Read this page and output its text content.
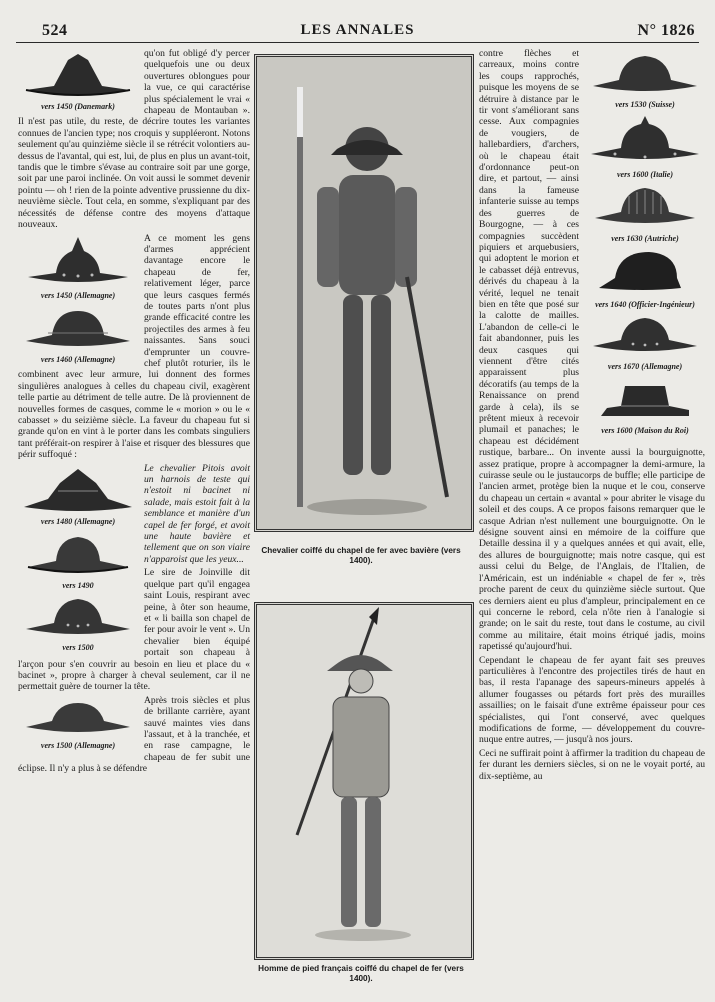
524	LES ANNALES	N° 1826
vers 1450 (Danemark)

qu'on fut obligé d'y percer quelquefois une ou deux ouvertures oblongues pour la vue, ce qui caractérise plus spécialement le vrai « chapeau de Montauban ». Il n'est pas utile, du reste, de décrire toutes les variantes connues de l'ancien type; nos croquis y suppléeront. Notons seulement qu'au quinzième siècle il se rétrécit volontiers au-dessus de l'avantal, qui est, lui, de plus en plus un avant-toit, tandis que le timbre s'évase au contraire soit par une gorge, soit par une paroi inclinée. On voit aussi le sommet devenir pointu — oh ! rien de la pointe adventive prussienne du dix-neuvième siècle. Tout cela, en somme, s'expliquant par des nécessités de défense contre des moyens d'attaque nouveaux.

vers 1450 (Allemagne)
vers 1460 (Allemagne)

A ce moment les gens d'armes apprécient davantage encore le chapeau de fer, relativement léger, parce que leurs casques fermés de toutes parts n'ont plus grande efficacité contre les projectiles des armes à feu naissantes. Sans souci d'emprunter un couvre-chef plutôt roturier, ils le combinent avec leur armure, lui donnent des formes singulières analogues à celles du chapeau civil, exagèrent telle partie au détriment de telle autre. De là proviennent de nouvelles formes de casques, comme le « morion » ou le « cabasset » du seizième siècle. La faveur du chapeau fut si grande qu'on en vint à le porter dans les combats singuliers tant préférait-on respirer à l'aise et risquer des blessures que périr suffoqué :

vers 1480 (Allemagne)
vers 1490

Le chevalier Pitois avoit un harnois de teste qui n'estoit ni bacinet ni salade, mais estoit fait à la semblance et manière d'un capel de fer forgé, et avoit une haute bavière et tellement que on son viaire n'apparoist que les yeux...

vers 1500

Le sire de Joinville dit quelque part qu'il engagea saint Louis, respirant avec peine, à ôter son heaume, et « li bailla son chapel de fer pour avoir le vent ». Un chevalier bien équipé portait son chapeau à l'arçon pour s'en couvrir au besoin en lieu et place du « bacinet », propre à charger à cheval seulement, car il ne permettait guère de tourner la tête.

vers 1500 (Allemagne)

Après trois siècles et plus de brillante carrière, ayant sauvé maintes vies dans l'assaut, et à la tranchée, et en rase campagne, le chapeau de fer subit une éclipse. Il n'y a plus à se défendre

Chevalier coiffé du chapel de fer avec bavière (vers 1400).
Homme de pied français coiffé du chapel de fer (vers 1400).
vers 1530 (Suisse)
vers 1600 (Italie)
vers 1630 (Autriche)
vers 1640 (Officier-Ingénieur)
vers 1670 (Allemagne)
vers 1600 (Maison du Roi)

contre flèches et carreaux, moins contre les coups rapprochés, puisque les moyens de se détruire à distance par le tir vont s'améliorant sans cesse. Aux compagnies de vougiers, de hallebardiers, d'archers, où le chapeau était d'ordonnance peut-on dire, et partout, — ainsi dans la fameuse infanterie suisse au temps des guerres de Bourgogne, — à ces compagnies succèdent piquiers et arquebusiers, qui adoptent le morion et le cabasset déjà entrevus, dérivés du chapeau à la vérité, lequel ne tenait bien en tête que posé sur la calotte de mailles. L'abandon de celle-ci le fait abandonner, puis les deux casques qui viennent d'être cités apparaissent plus décoratifs (au temps de la Renaissance on prend garde à cela), ils se prêtent mieux à recevoir plumail et panaches; le chapeau est décidément rustique, barbare... On invente aussi la bourguignotte, assez pratique, propre à accompagner la demi-armure, la cuirasse seule ou le justaucorps de buffle; elle participe de l'ancien armet, protège bien la nuque et le cou, conserve du chapeau un certain « avantal » pour abriter le visage du soleil et des coups. A ce propos faisons remarquer que le casque Adrian n'est nullement une bourguignotte. On le désigne souvent ainsi en mémoire de la coiffure que Detaille dessina il y a quelques années et qui avait, elle, des allures de bourguignotte; mais notre casque, qui est aussi celui du Belge, de l'Anglais, de l'Italien, de l'Américain, est un indéniable « chapel de fer », très proche parent de ceux du quinzième siècle surtout. Que ces derniers aient eu plus d'ampleur, principalement en ce qui concerne le rebord, cela n'ôte rien à l'analogie si grande; on le sait du reste, tout dans le costume, au civil comme au militaire, était moins étriqué jadis, moins rapetissé qu'aujourd'hui.

Cependant le chapeau de fer ayant fait ses preuves particulières à l'encontre des projectiles tirés de haut en bas, il resta l'apanage des sapeurs-mineurs appelés à allumer fougasses ou pétards fort près des murailles assaillies; on le faisait d'une extrême épaisseur pour ces spécialistes, qui l'ont conservé, avec quelques modifications de forme, — développement du couvre-nuque entre autres, — jusqu'à nos jours.

Ceci ne suffirait point à affirmer la tradition du chapeau de fer durant les derniers siècles, si on ne le voyait porté, au dix-septième, au
